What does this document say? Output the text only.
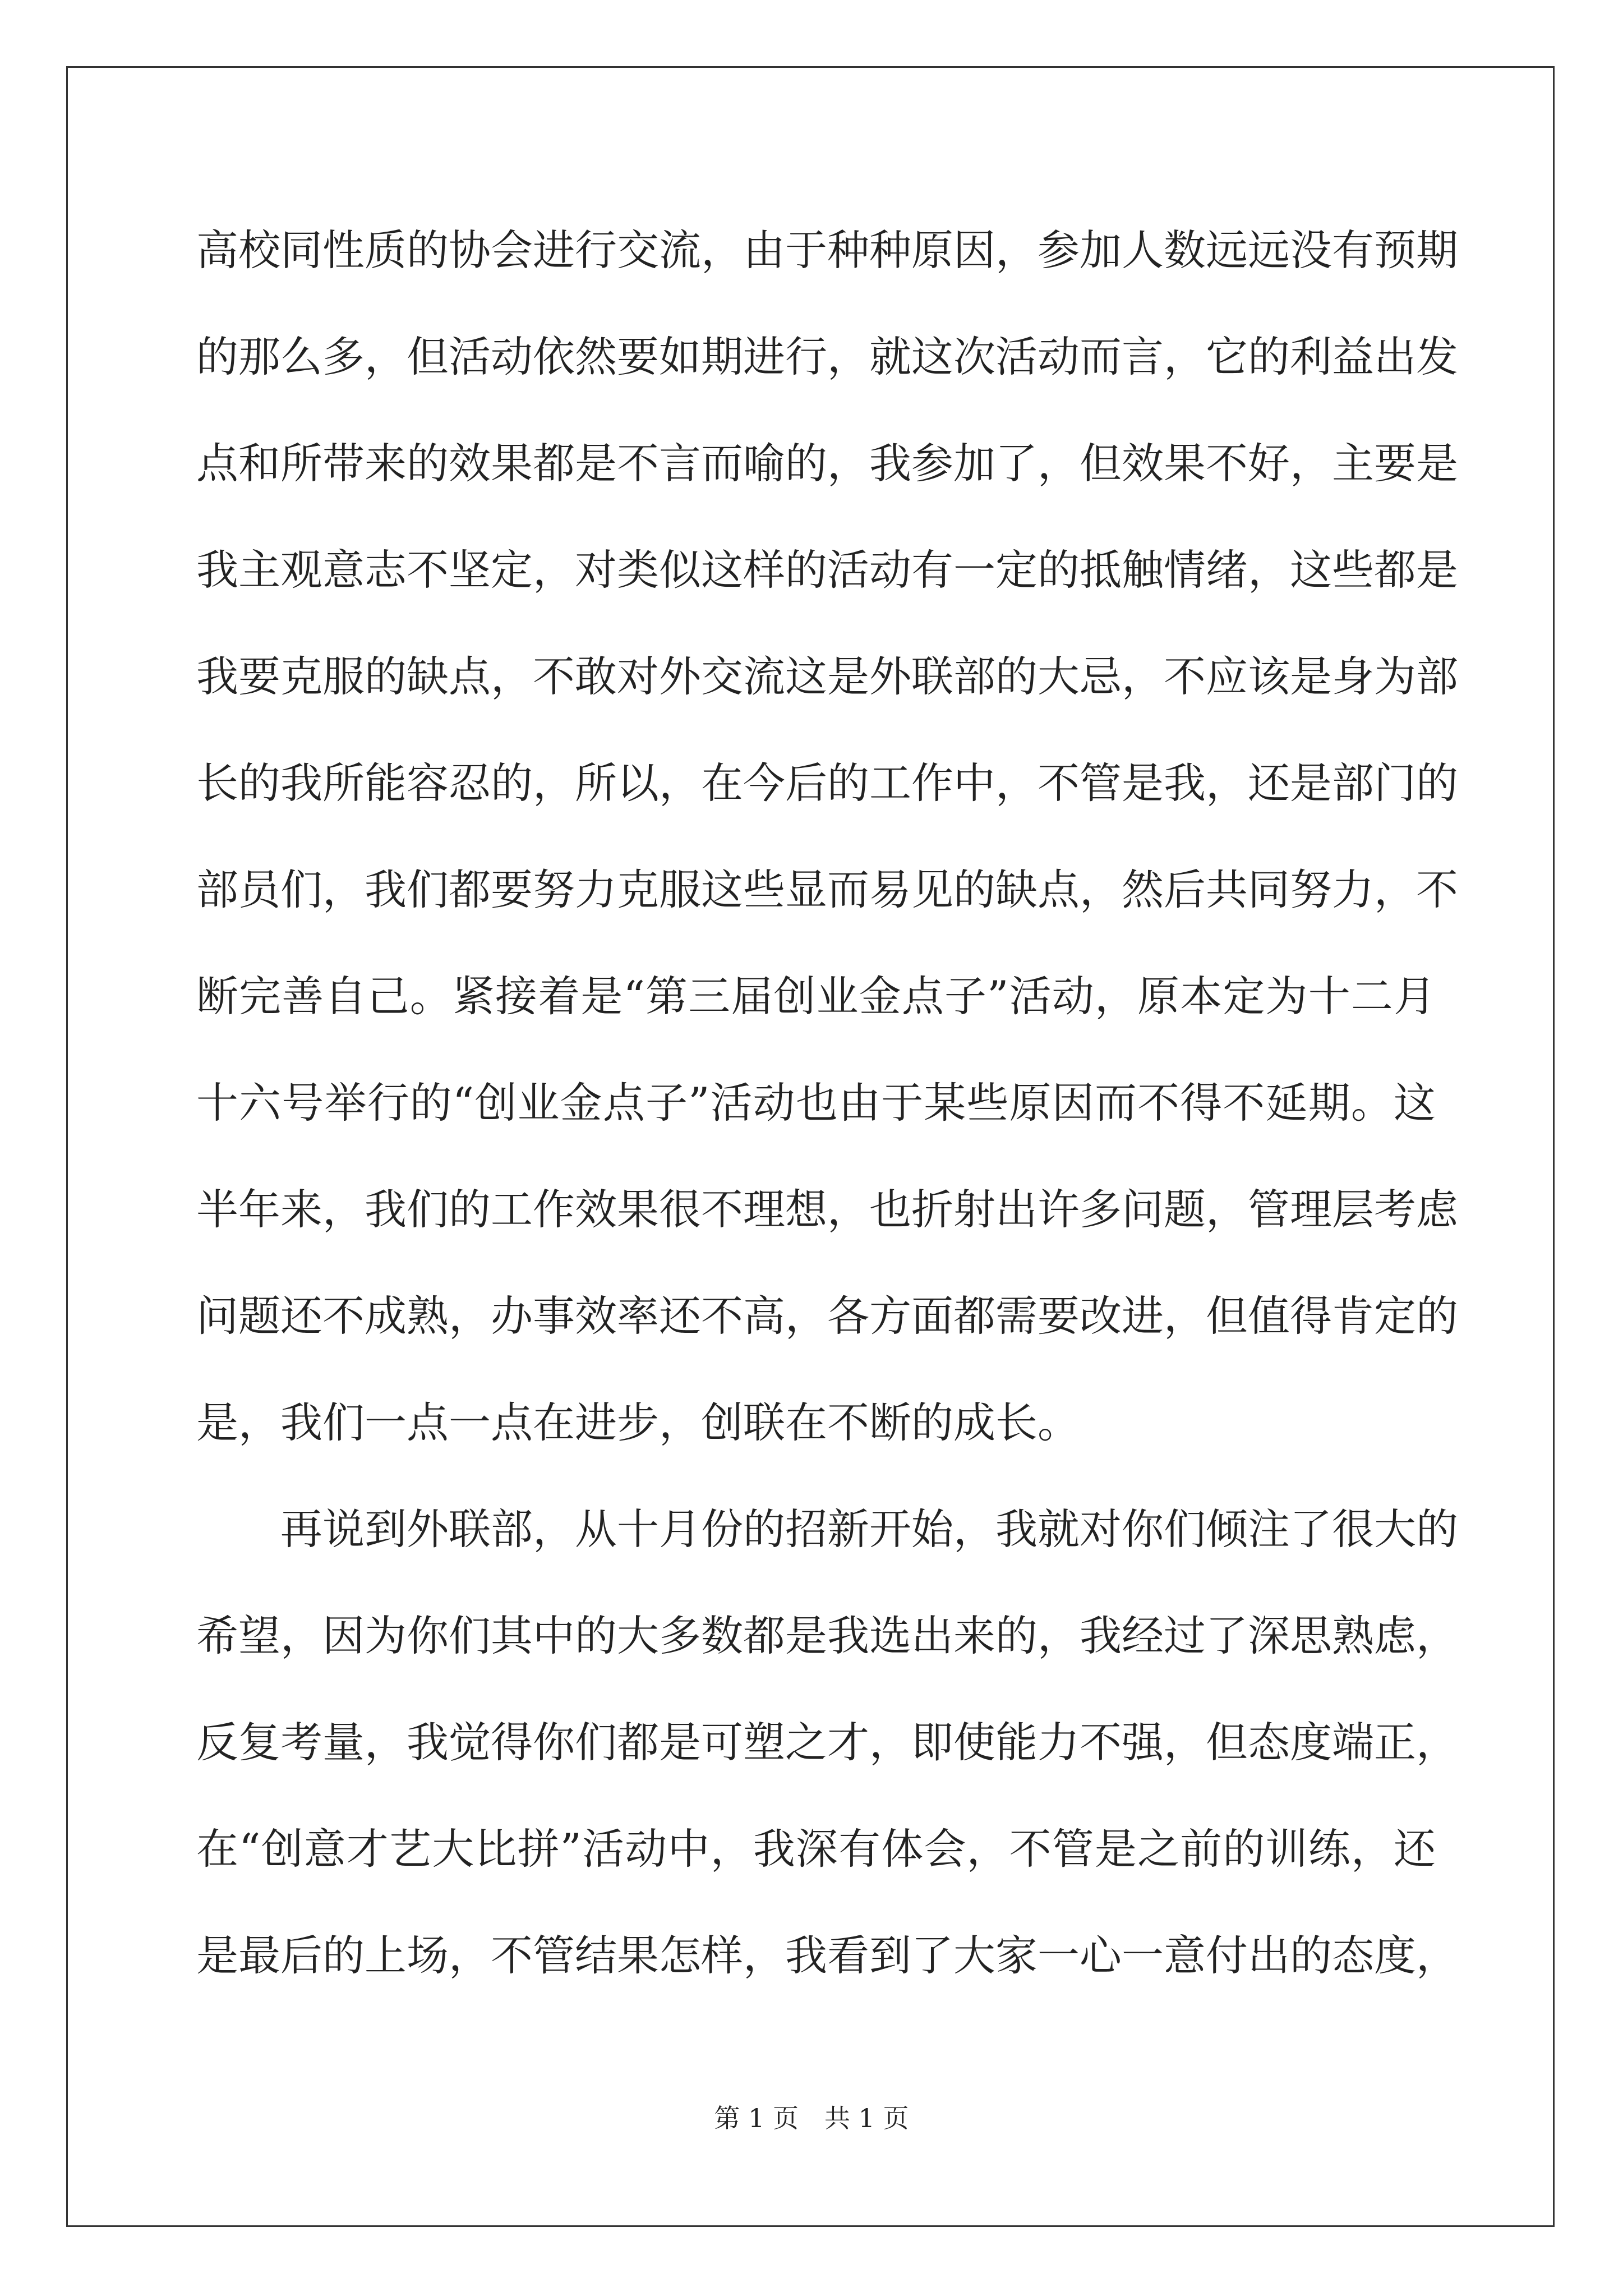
高校同性质的协会进行交流，由于种种原因，参加人数远远没有预期
的那么多，但活动依然要如期进行，就这次活动而言，它的利益出发
点和所带来的效果都是不言而喻的，我参加了，但效果不好，主要是
我主观意志不坚定，对类似这样的活动有一定的抵触情绪，这些都是
我要克服的缺点，不敢对外交流这是外联部的大忌，不应该是身为部
长的我所能容忍的，所以，在今后的工作中，不管是我，还是部门的
部员们，我们都要努力克服这些显而易见的缺点，然后共同努力，不
断完善自己。紧接着是“第三届创业金点子”活动，原本定为十二月
十六号举行的“创业金点子”活动也由于某些原因而不得不延期。这
半年来，我们的工作效果很不理想，也折射出许多问题，管理层考虑
问题还不成熟，办事效率还不高，各方面都需要改进，但值得肯定的
是，我们一点一点在进步，创联在不断的成长。
再说到外联部，从十月份的招新开始，我就对你们倾注了很大的
希望，因为你们其中的大多数都是我选出来的，我经过了深思熟虑，
反复考量，我觉得你们都是可塑之才，即使能力不强，但态度端正，
在“创意才艺大比拼”活动中，我深有体会，不管是之前的训练，还
是最后的上场，不管结果怎样，我看到了大家一心一意付出的态度，
第 1 页　共 1 页
